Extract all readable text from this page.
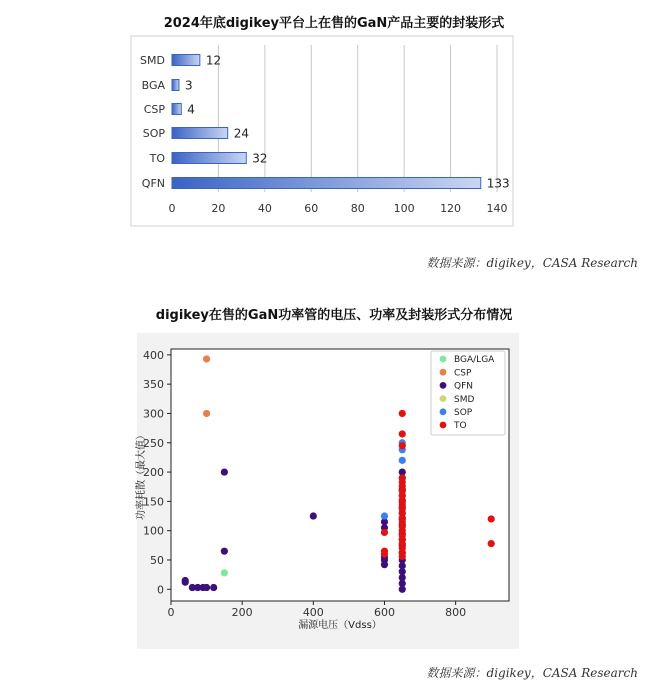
2024年底digikey平台上在售的GaN产品主要的封装形式
数据来源：digikey，CASA Research
digikey在售的GaN功率管的电压、功率及封装形式分布情况
数据来源：digikey，CASA Research
0	20	40	60	80	100 120 140
SMD	12
BGA 3
CSP 4
SOP	24
TO	32
QFN	133
0	200	400	600	800
0
50
100
150
200
250
300
350
400
漏源电压（Vdss）
功率耗散（最大值）
BGA/LGA
CSP
QFN
SMD
SOP
TO
